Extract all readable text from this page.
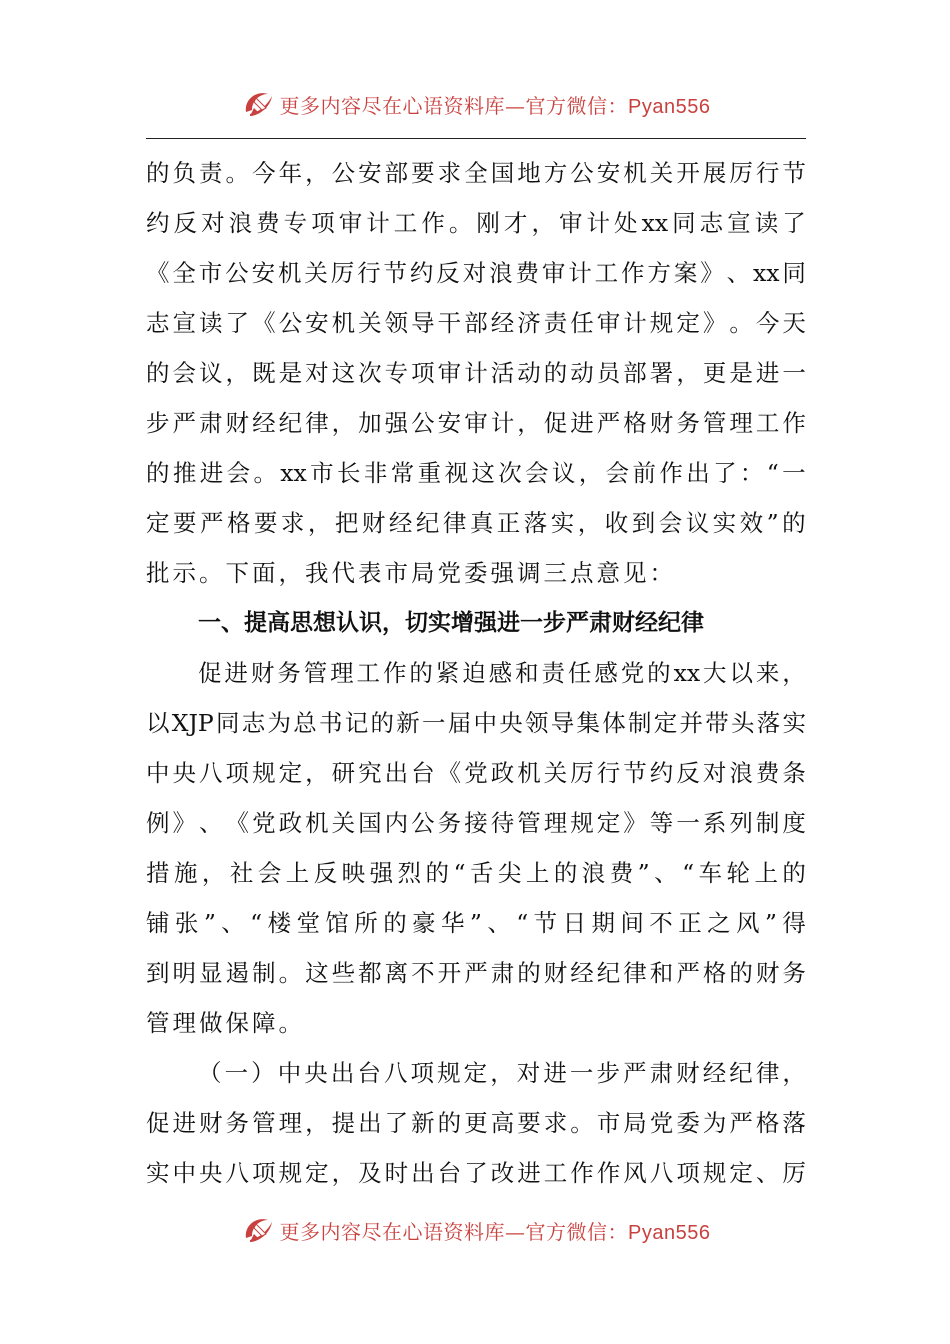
更多内容尽在心语资料库—官方微信：Pyan556
的 负 责 。 今 年 ， 公 安 部 要 求 全 国 地 方 公 安 机 关 开 展 厉 行 节
约 反 对 浪 费 专 项 审 计 工 作 。 刚 才 ， 审 计 处 xx 同 志 宣 读 了
《 全 市 公 安 机 关 厉 行 节 约 反 对 浪 费 审 计 工 作 方 案 》 、 xx 同
志 宣 读 了 《 公 安 机 关 领 导 干 部 经 济 责 任 审 计 规 定 》 。 今 天
的 会 议 ， 既 是 对 这 次 专 项 审 计 活 动 的 动 员 部 署 ， 更 是 进 一
步 严 肃 财 经 纪 律 ， 加 强 公 安 审 计 ， 促 进 严 格 财 务 管 理 工 作
的 推 进 会 。 xx 市 长 非 常 重 视 这 次 会 议 ， 会 前 作 出 了 ： “ 一
定 要 严 格 要 求 ， 把 财 经 纪 律 真 正 落 实 ， 收 到 会 议 实 效 ” 的
批示。下面，我代表市局党委强调三点意见：
一、提高思想认识，切实增强进一步严肃财经纪律
促 进 财 务 管 理 工 作 的 紧 迫 感 和 责 任 感 党 的 xx 大 以 来 ，
以 XJP 同 志 为 总 书 记 的 新 一 届 中 央 领 导 集 体 制 定 并 带 头 落 实
中 央 八 项 规 定 ， 研 究 出 台 《 党 政 机 关 厉 行 节 约 反 对 浪 费 条
例 》 、 《 党 政 机 关 国 内 公 务 接 待 管 理 规 定 》 等 一 系 列 制 度
措 施 ， 社 会 上 反 映 强 烈 的 “ 舌 尖 上 的 浪 费 ” 、 “ 车 轮 上 的
铺 张 ” 、 “ 楼 堂 馆 所 的 豪 华 ” 、 “ 节 日 期 间 不 正 之 风 ” 得
到 明 显 遏 制 。 这 些 都 离 不 开 严 肃 的 财 经 纪 律 和 严 格 的 财 务
管理做保障。
（ 一 ） 中 央 出 台 八 项 规 定 ， 对 进 一 步 严 肃 财 经 纪 律 ，
促 进 财 务 管 理 ， 提 出 了 新 的 更 高 要 求 。 市 局 党 委 为 严 格 落
实 中 央 八 项 规 定 ， 及 时 出 台 了 改 进 工 作 作 风 八 项 规 定 、 厉
更多内容尽在心语资料库—官方微信：Pyan556
